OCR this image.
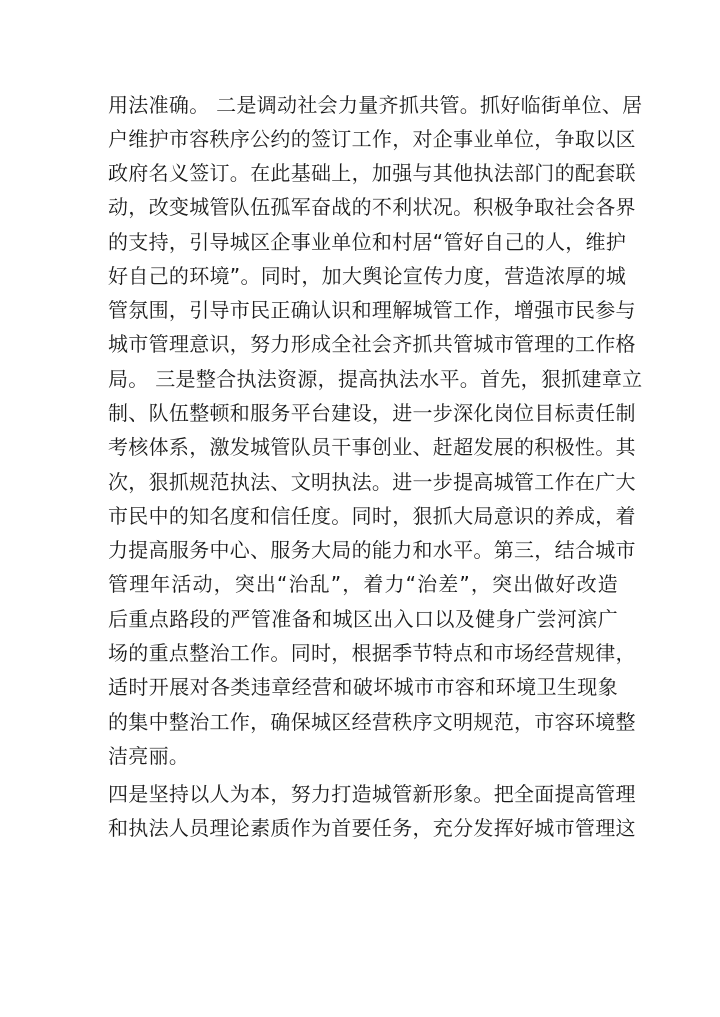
用法准确。 二是调动社会力量齐抓共管。抓好临街单位、居
户维护市容秩序公约的签订工作，对企事业单位，争取以区
政府名义签订。在此基础上，加强与其他执法部门的配套联
动，改变城管队伍孤军奋战的不利状况。积极争取社会各界
的支持，引导城区企事业单位和村居“管好自己的人，维护
好自己的环境”。同时，加大舆论宣传力度，营造浓厚的城
管氛围，引导市民正确认识和理解城管工作，增强市民参与
城市管理意识，努力形成全社会齐抓共管城市管理的工作格
局。 三是整合执法资源，提高执法水平。首先，狠抓建章立
制、队伍整顿和服务平台建设，进一步深化岗位目标责任制
考核体系，激发城管队员干事创业、赶超发展的积极性。其
次，狠抓规范执法、文明执法。进一步提高城管工作在广大
市民中的知名度和信任度。同时，狠抓大局意识的养成，着
力提高服务中心、服务大局的能力和水平。第三，结合城市
管理年活动，突出“治乱”，着力“治差”，突出做好改造
后重点路段的严管准备和城区出入口以及健身广尝河滨广
场的重点整治工作。同时，根据季节特点和市场经营规律，
适时开展对各类违章经营和破坏城市市容和环境卫生现象
的集中整治工作，确保城区经营秩序文明规范，市容环境整
洁亮丽。
四是坚持以人为本，努力打造城管新形象。把全面提高管理
和执法人员理论素质作为首要任务，充分发挥好城市管理这
